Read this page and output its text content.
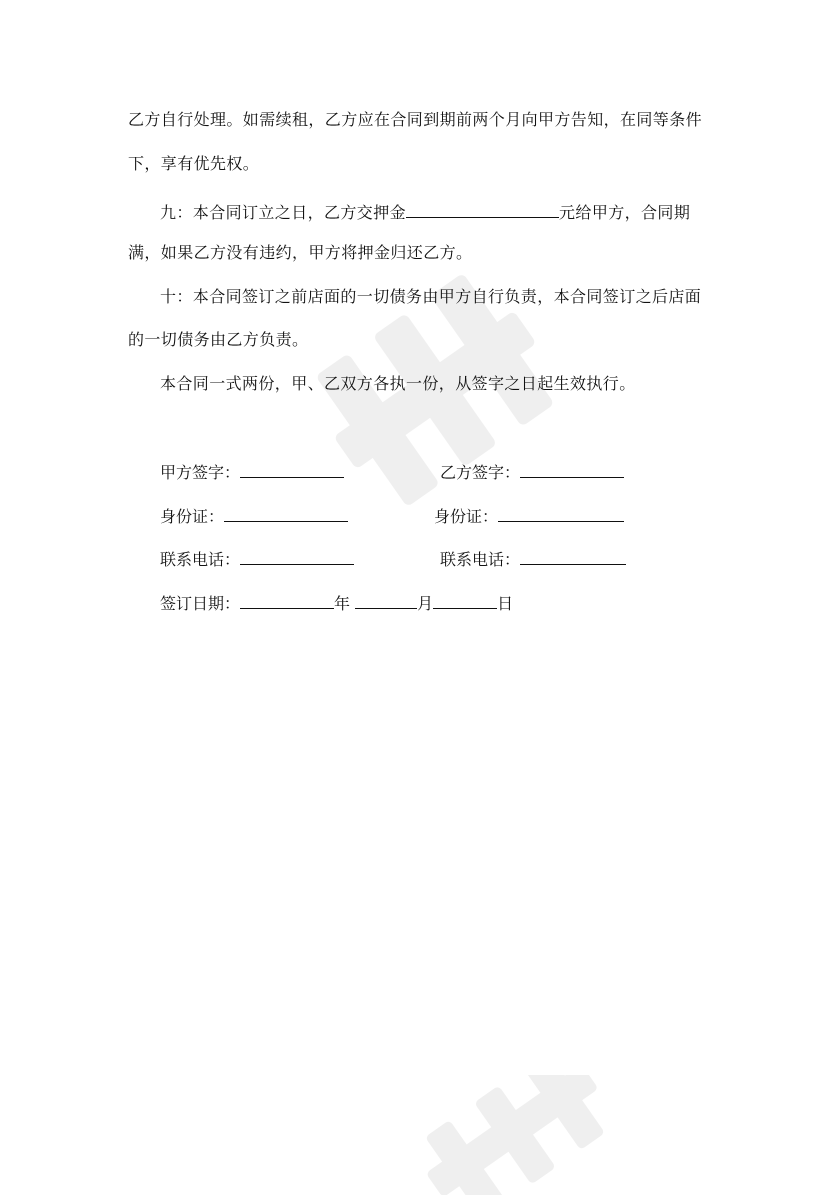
乙方自行处理。如需续租，乙方应在合同到期前两个月向甲方告知，在同等条件
下，享有优先权。
九：本合同订立之日，乙方交押金	元给甲方，合同期
满，如果乙方没有违约，甲方将押金归还乙方。
十：本合同签订之前店面的一切债务由甲方自行负责，本合同签订之后店面
的一切债务由乙方负责。
本合同一式两份，甲、乙双方各执一份，从签字之日起生效执行。
甲方签字：	乙方签字：
身份证：	身份证：
联系电话：	联系电话：
签订日期：	年	月	日
